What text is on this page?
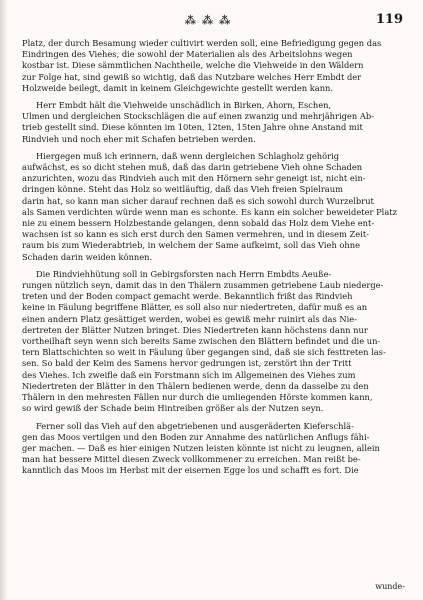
⁂ ⁂ ⁂	119
Platz, der durch Besamung wieder cultivirt werden soll, eine Befriedigung gegen das
Eindringen des Viehes, die sowohl der Materialien als des Arbeitslohns wegen
kostbar ist. Diese sämmtlichen Nachtheile, welche die Viehweide in den Wäldern
zur Folge hat, sind gewiß so wichtig, daß das Nutzbare welches Herr Embdt der
Holzweide beilegt, damit in keinem Gleichgewichte gestellt werden kann.
Herr Embdt hält die Viehweide unschädlich in Birken, Ahorn, Eschen,
Ulmen und dergleichen Stockschlägen die auf einen zwanzig und mehrjährigen Ab-
trieb gestellt sind. Diese könnten im 10ten, 12ten, 15ten Jahre ohne Anstand mit
Rindvieh und noch eher mit Schafen betrieben werden.
Hiergegen muß ich erinnern, daß wenn dergleichen Schlagholz gehörig
aufwächst, es so dicht stehen muß, daß das darin getriebene Vieh ohne Schaden
anzurichten, wozu das Rindvieh auch mit den Hörnern sehr geneigt ist, nicht ein-
dringen könne. Steht das Holz so weitläuftig, daß das Vieh freien Spielraum
darin hat, so kann man sicher darauf rechnen daß es sich sowohl durch Wurzelbrut
als Samen verdichten würde wenn man es schonte. Es kann ein solcher beweideter Platz
nie zu einem bessern Holzbestande gelangen, denn sobald das Holz dem Viehe ent-
wachsen ist so kann es sich erst durch den Samen vermehren, und in diesem Zeit-
raum bis zum Wiederabtrieb, in welchem der Same aufkeimt, soll das Vieh ohne
Schaden darin weiden können.
Die Rindviehhütung soll in Gebirgsforsten nach Herrn Embdts Aeuße-
rungen nützlich seyn, damit das in den Thälern zusammen getriebene Laub niederge-
treten und der Boden compact gemacht werde. Bekanntlich frißt das Rindvieh
keine in Fäulung begriffene Blätter, es soll also nur niedertreten, dafür muß es an
einen andern Platz gesättiget werden, wobei es gewiß mehr ruinirt als das Nie-
dertreten der Blätter Nutzen bringet. Dies Niedertreten kann höchstens dann nur
vortheilhaft seyn wenn sich bereits Same zwischen den Blättern befindet und die un-
tern Blattschichten so weit in Fäulung über gegangen sind, daß sie sich festtreten las-
sen. So bald der Keim des Samens hervor gedrungen ist, zerstört ihn der Tritt
des Viehes. Ich zweifle daß ein Forstmann sich im Allgemeinen des Viehes zum
Niedertreten der Blätter in den Thälern bedienen werde, denn da dasselbe zu den
Thälern in den mehresten Fällen nur durch die umliegenden Hörste kommen kann,
so wird gewiß der Schade beim Hintreiben größer als der Nutzen seyn.
Ferner soll das Vieh auf den abgetriebenen und ausgeräderten Kieferschlä-
gen das Moos vertilgen und den Boden zur Annahme des natürlichen Anflugs fähi-
ger machen. — Daß es hier einigen Nutzen leisten könnte ist nicht zu leugnen, allein
man hat bessere Mittel diesen Zweck vollkommener zu erreichen. Man reißt be-
kanntlich das Moos im Herbst mit der eisernen Egge los und schafft es fort. Die
wunde-
